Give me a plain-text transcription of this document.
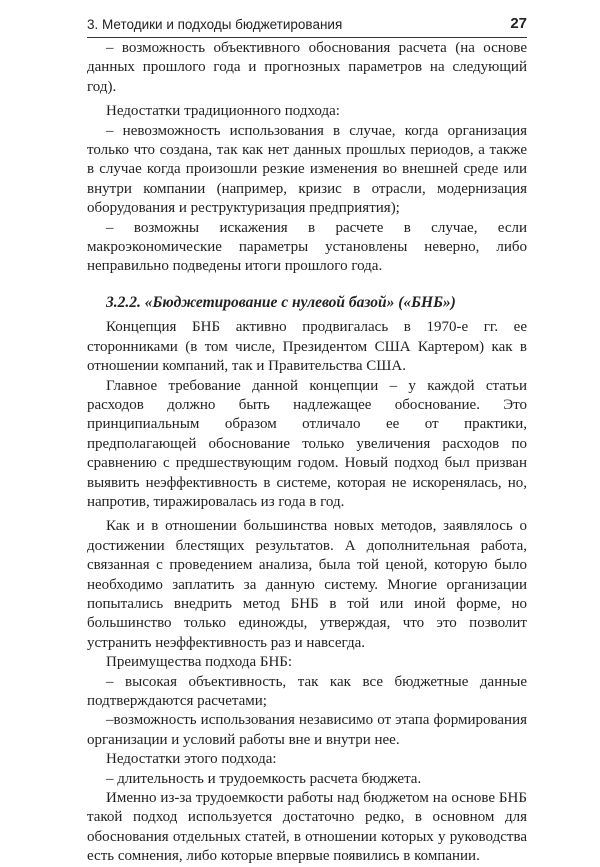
3. Методики и подходы бюджетирования	27

– возможность объективного обоснования расчета (на основе данных прошлого года и прогнозных параметров на следующий год).

Недостатки традиционного подхода:

– невозможность использования в случае, когда организация только что создана, так как нет данных прошлых периодов, а также в случае когда произошли резкие изменения во внешней среде или внутри компании (например, кризис в отрасли, модернизация оборудования и реструктуризация предприятия);

– возможны искажения в расчете в случае, если макроэкономические параметры установлены неверно, либо неправильно подведены итоги прошлого года.

3.2.2. «Бюджетирование с нулевой базой» («БНБ»)

Концепция БНБ активно продвигалась в 1970-е гг. ее сторонниками (в том числе, Президентом США Картером) как в отношении компаний, так и Правительства США.

Главное требование данной концепции – у каждой статьи расходов должно быть надлежащее обоснование. Это принципиальным образом отличало ее от практики, предполагающей обоснование только увеличения расходов по сравнению с предшествующим годом. Новый подход был призван выявить неэффективность в системе, которая не искоренялась, но, напротив, тиражировалась из года в год.

Как и в отношении большинства новых методов, заявлялось о достижении блестящих результатов. А дополнительная работа, связанная с проведением анализа, была той ценой, которую было необходимо заплатить за данную систему. Многие организации попытались внедрить метод БНБ в той или иной форме, но большинство только единожды, утверждая, что это позволит устранить неэффективность раз и навсегда.

Преимущества подхода БНБ:

– высокая объективность, так как все бюджетные данные подтверждаются расчетами;

–возможность использования независимо от этапа формирования организации и условий работы вне и внутри нее.

Недостатки этого подхода:

– длительность и трудоемкость расчета бюджета.

Именно из-за трудоемкости работы над бюджетом на основе БНБ такой подход используется достаточно редко, в основном для обоснования отдельных статей, в отношении которых у руководства есть сомнения, либо которые впервые появились в компании.
